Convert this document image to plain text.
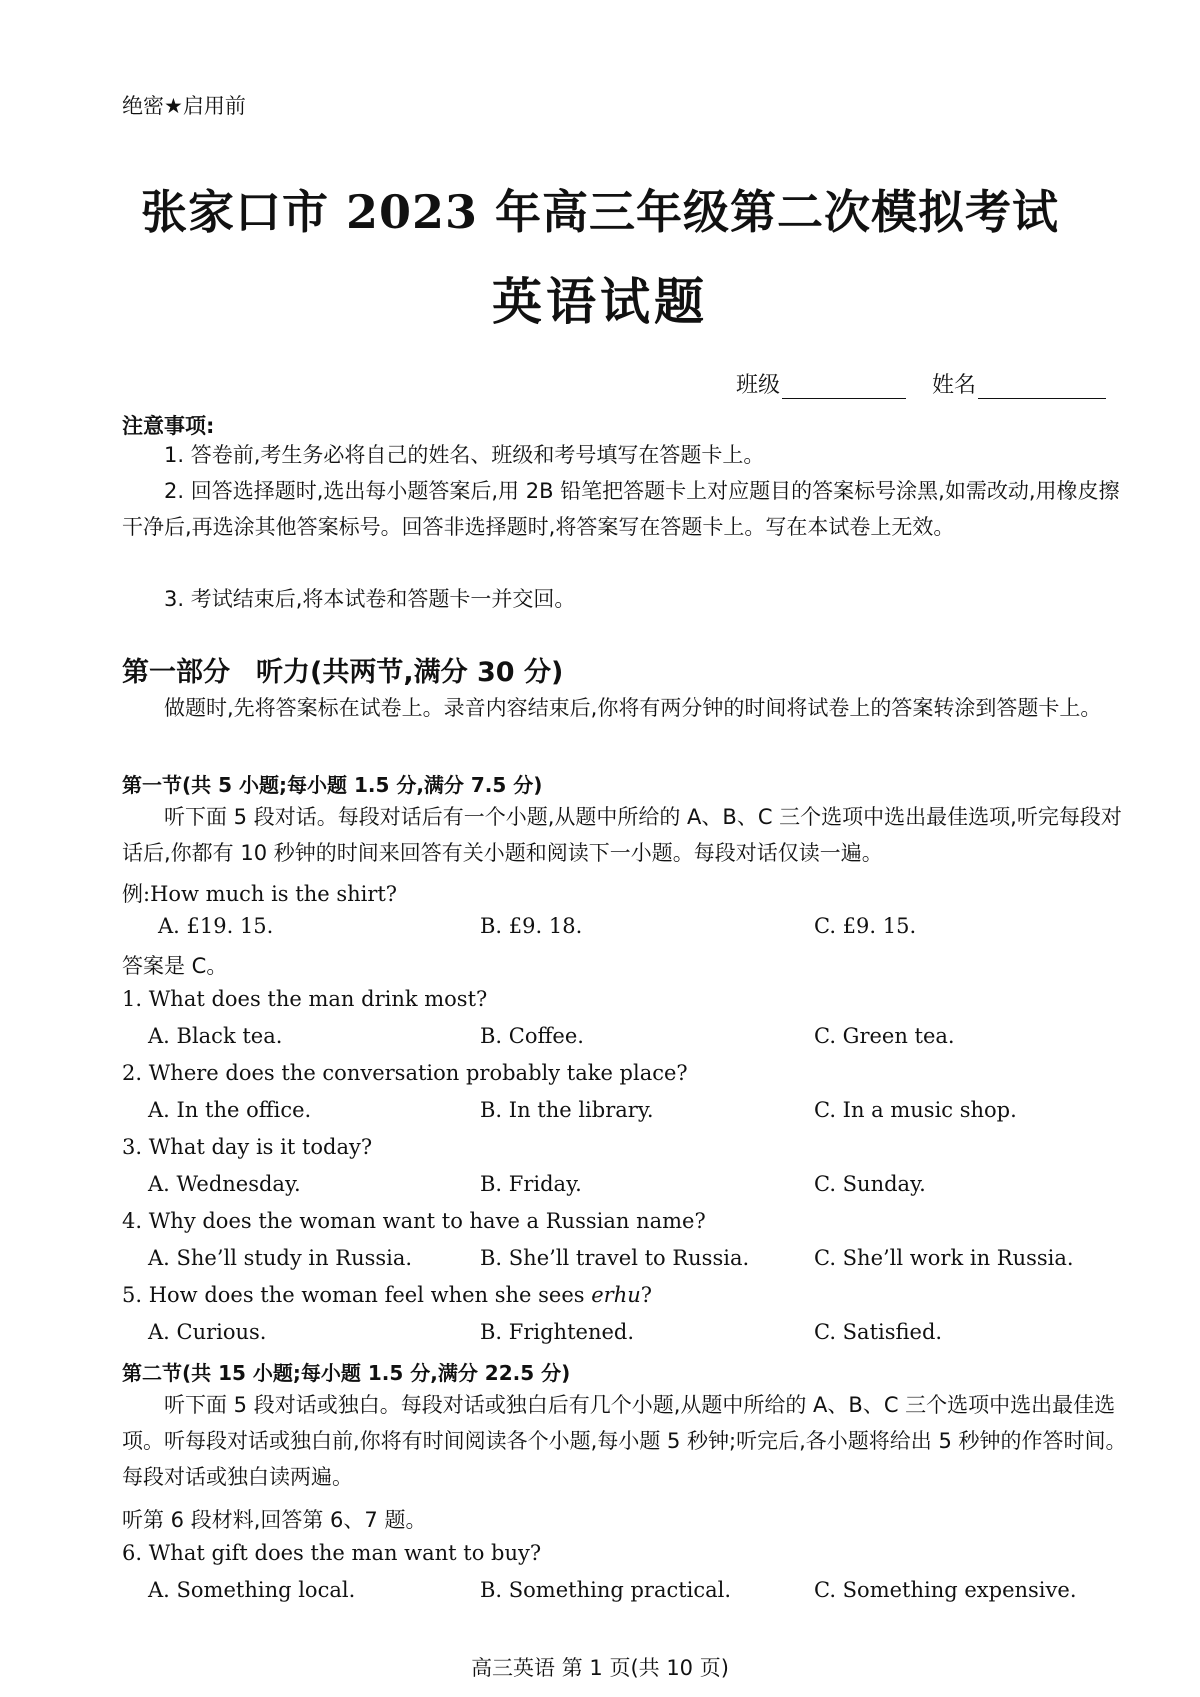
绝密★启用前
张家口市 2023 年高三年级第二次模拟考试
英语试题
班级	姓名
注意事项:
1. 答卷前,考生务必将自己的姓名、班级和考号填写在答题卡上。
2. 回答选择题时,选出每小题答案后,用 2B 铅笔把答题卡上对应题目的答案标号涂黑,如需改动,用橡皮擦干净后,再选涂其他答案标号。回答非选择题时,将答案写在答题卡上。写在本试卷上无效。
3. 考试结束后,将本试卷和答题卡一并交回。
第一部分 听力(共两节,满分 30 分)
做题时,先将答案标在试卷上。录音内容结束后,你将有两分钟的时间将试卷上的答案转涂到答题卡上。
第一节(共 5 小题;每小题 1.5 分,满分 7.5 分)
听下面 5 段对话。每段对话后有一个小题,从题中所给的 A、B、C 三个选项中选出最佳选项,听完每段对话后,你都有 10 秒钟的时间来回答有关小题和阅读下一小题。每段对话仅读一遍。
例:How much is the shirt?
A. £19. 15.	B. £9. 18.	C. £9. 15.
答案是 C。
1. What does the man drink most?
A. Black tea.	B. Coffee.	C. Green tea.
2. Where does the conversation probably take place?
A. In the office.	B. In the library.	C. In a music shop.
3. What day is it today?
A. Wednesday.	B. Friday.	C. Sunday.
4. Why does the woman want to have a Russian name?
A. She’ll study in Russia.	B. She’ll travel to Russia.	C. She’ll work in Russia.
5. How does the woman feel when she sees erhu?
A. Curious.	B. Frightened.	C. Satisfied.
第二节(共 15 小题;每小题 1.5 分,满分 22.5 分)
听下面 5 段对话或独白。每段对话或独白后有几个小题,从题中所给的 A、B、C 三个选项中选出最佳选项。听每段对话或独白前,你将有时间阅读各个小题,每小题 5 秒钟;听完后,各小题将给出 5 秒钟的作答时间。每段对话或独白读两遍。
听第 6 段材料,回答第 6、7 题。
6. What gift does the man want to buy?
A. Something local.	B. Something practical.	C. Something expensive.
高三英语 第 1 页(共 10 页)
